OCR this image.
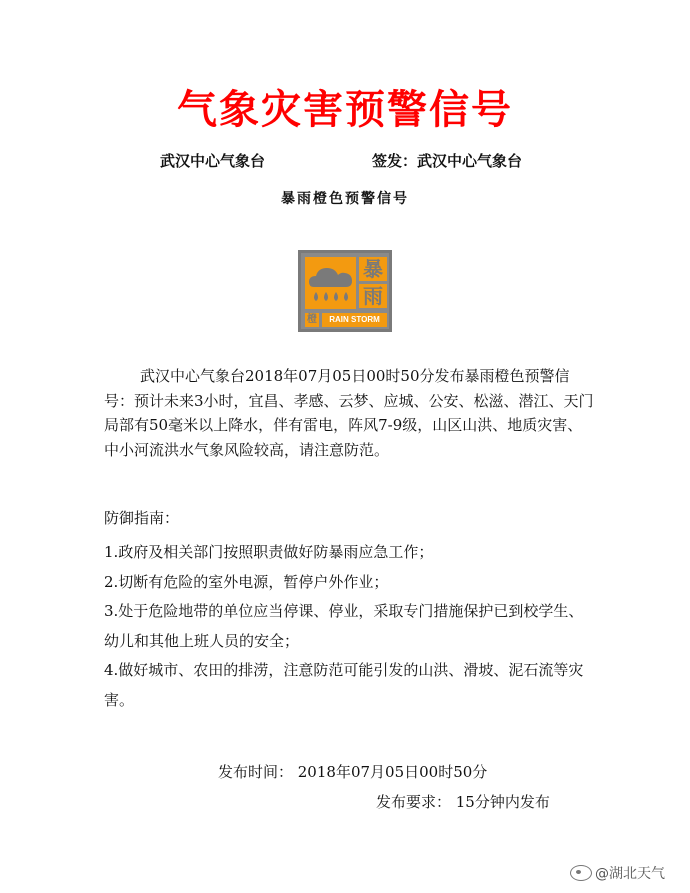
气象灾害预警信号
武汉中心气象台	签发：武汉中心气象台
暴雨橙色预警信号
暴
雨
橙	RAIN STORM
武汉中心气象台2018年07月05日00时50分发布暴雨橙色预警信号：预计未来3小时，宜昌、孝感、云梦、应城、公安、松滋、潜江、天门局部有50毫米以上降水，伴有雷电，阵风7-9级，山区山洪、地质灾害、中小河流洪水气象风险较高，请注意防范。
防御指南：
1.政府及相关部门按照职责做好防暴雨应急工作；
2.切断有危险的室外电源，暂停户外作业；
3.处于危险地带的单位应当停课、停业，采取专门措施保护已到校学生、幼儿和其他上班人员的安全；
4.做好城市、农田的排涝，注意防范可能引发的山洪、滑坡、泥石流等灾害。
发布时间： 2018年07月05日00时50分
发布要求： 15分钟内发布
@湖北天气
